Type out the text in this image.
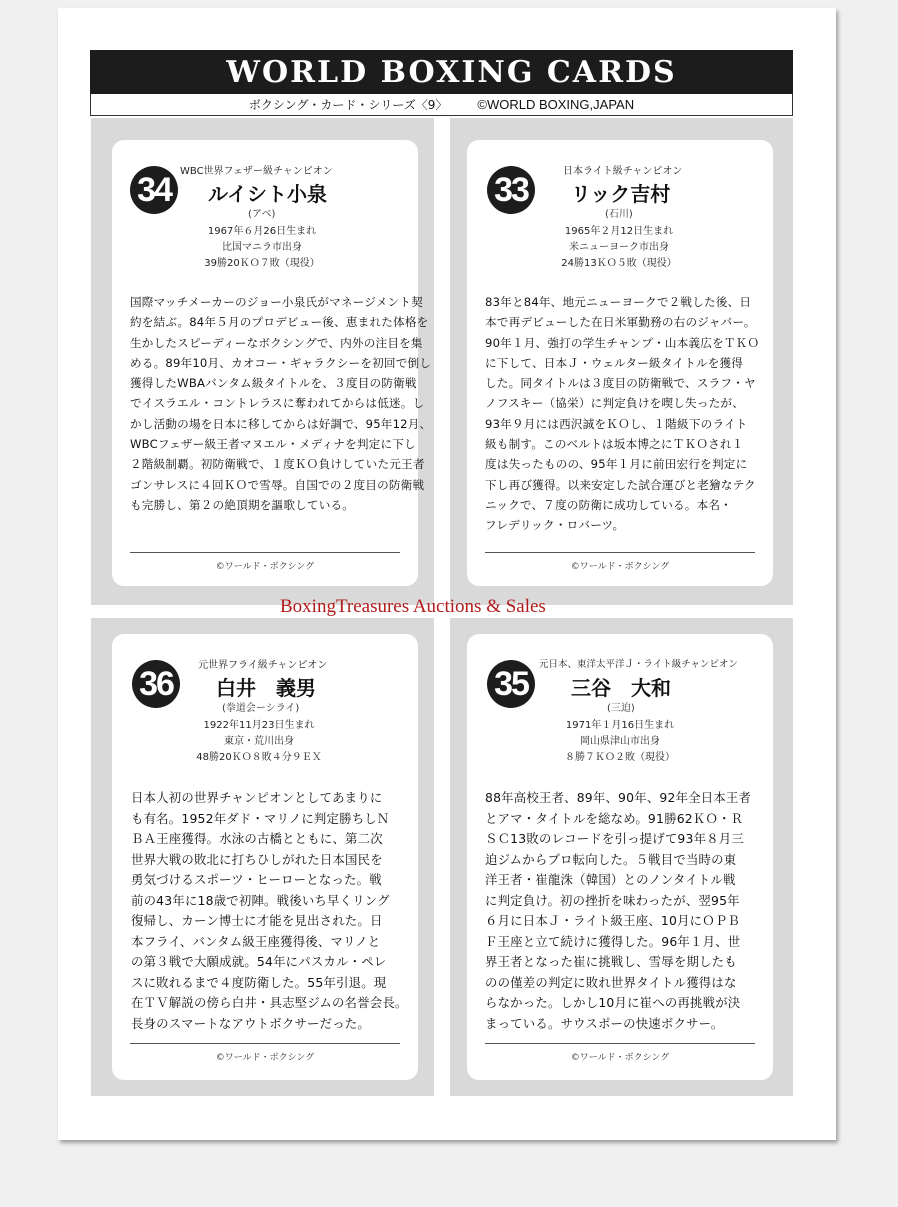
WORLD BOXING CARDS
ボクシング・カード・シリーズ〈9〉 ©WORLD BOXING,JAPAN
34 WBC世界フェザー級チャンピオン
ルイシト小泉
(アベ)
1967年６月26日生まれ
比国マニラ市出身
39勝20ＫＯ７敗（現役）
国際マッチメーカーのジョー小泉氏がマネージメント契
約を結ぶ。84年５月のプロデビュー後、恵まれた体格を
生かしたスピーディーなボクシングで、内外の注目を集
める。89年10月、カオコー・ギャラクシーを初回で倒し
獲得したWBAバンタム級タイトルを、３度目の防衛戦
でイスラエル・コントレラスに奪われてからは低迷。し
かし活動の場を日本に移してからは好調で、95年12月、
WBCフェザー級王者マヌエル・メディナを判定に下し
２階級制覇。初防衛戦で、１度ＫＯ負けしていた元王者
ゴンサレスに４回ＫＯで雪辱。自国での２度目の防衛戦
も完勝し、第２の絶頂期を謳歌している。
©ワールド・ボクシング
33	日本ライト級チャンピオン
リック吉村
(石川)
1965年２月12日生まれ
米ニューヨーク市出身
24勝13ＫＯ５敗（現役）
83年と84年、地元ニューヨークで２戦した後、日
本で再デビューした在日米軍勤務の右のジャバー。
90年１月、強打の学生チャンプ・山本義広をＴＫＯ
に下して、日本Ｊ・ウェルター級タイトルを獲得
した。同タイトルは３度目の防衛戦で、スラフ・ヤ
ノフスキー（協栄）に判定負けを喫し失ったが、
93年９月には西沢誠をＫＯし、１階級下のライト
級も制す。このベルトは坂本博之にＴＫＯされ１
度は失ったものの、95年１月に前田宏行を判定に
下し再び獲得。以来安定した試合運びと老獪なテク
ニックで、７度の防衛に成功している。本名・
フレデリック・ロバーツ。
©ワールド・ボクシング
BoxingTreasures Auctions & Sales
36	元世界フライ級チャンピオン
白井　義男
(拳道会ーシライ)
1922年11月23日生まれ
東京・荒川出身
48勝20ＫＯ８敗４分９ＥＸ
日本人初の世界チャンピオンとしてあまりに
も有名。1952年ダド・マリノに判定勝ちしＮ
ＢＡ王座獲得。水泳の古橋とともに、第二次
世界大戦の敗北に打ちひしがれた日本国民を
勇気づけるスポーツ・ヒーローとなった。戦
前の43年に18歳で初陣。戦後いち早くリング
復帰し、カーン博士に才能を見出された。日
本フライ、バンタム級王座獲得後、マリノと
の第３戦で大願成就。54年にパスカル・ペレ
スに敗れるまで４度防衛した。55年引退。現
在ＴＶ解説の傍ら白井・具志堅ジムの名誉会長。
長身のスマートなアウトボクサーだった。
©ワールド・ボクシング
35	元日本、東洋太平洋Ｊ・ライト級チャンピオン
三谷　大和
(三迫)
1971年１月16日生まれ
岡山県津山市出身
８勝７ＫＯ２敗（現役）
88年高校王者、89年、90年、92年全日本王者
とアマ・タイトルを総なめ。91勝62ＫＯ・Ｒ
ＳＣ13敗のレコードを引っ提げて93年８月三
迫ジムからプロ転向した。５戦目で当時の東
洋王者・崔龍洙（韓国）とのノンタイトル戦
に判定負け。初の挫折を味わったが、翌95年
６月に日本Ｊ・ライト級王座、10月にＯＰＢ
Ｆ王座と立て続けに獲得した。96年１月、世
界王者となった崔に挑戦し、雪辱を期したも
のの僅差の判定に敗れ世界タイトル獲得はな
らなかった。しかし10月に崔への再挑戦が決
まっている。サウスポーの快速ボクサー。
©ワールド・ボクシング
